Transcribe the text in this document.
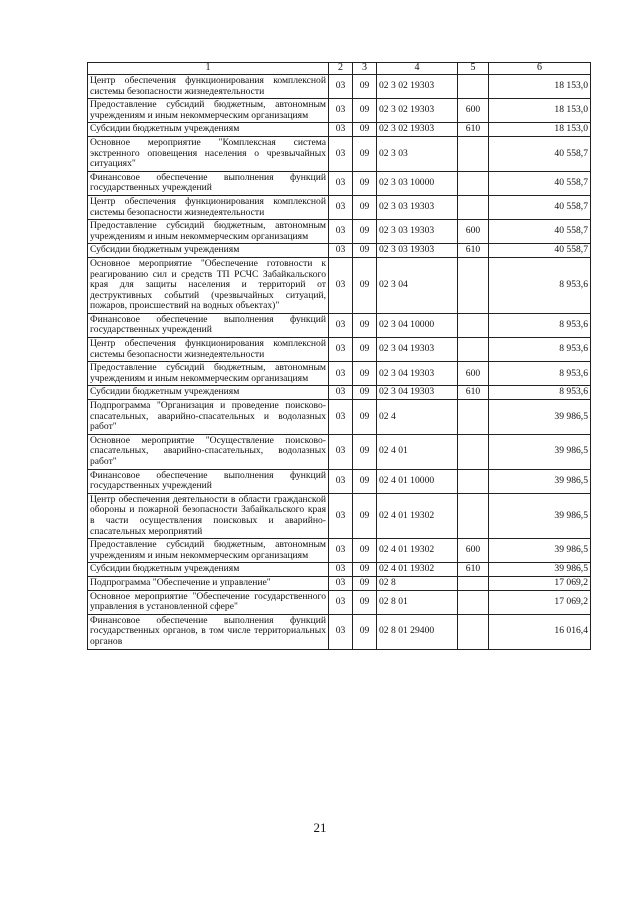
1	2	3	4	5	6
Центр обеспечения функционирования комплексной системы безопасности жизнедеятельности	03	09	02 3 02 19303		18 153,0
Предоставление субсидий бюджетным, автономным учреждениям и иным некоммерческим организациям	03	09	02 3 02 19303	600	18 153,0
Субсидии бюджетным учреждениям	03	09	02 3 02 19303	610	18 153,0
Основное мероприятие "Комплексная система экстренного оповещения населения о чрезвычайных ситуациях"	03	09	02 3 03		40 558,7
Финансовое обеспечение выполнения функций государственных учреждений	03	09	02 3 03 10000		40 558,7
Центр обеспечения функционирования комплексной системы безопасности жизнедеятельности	03	09	02 3 03 19303		40 558,7
Предоставление субсидий бюджетным, автономным учреждениям и иным некоммерческим организациям	03	09	02 3 03 19303	600	40 558,7
Субсидии бюджетным учреждениям	03	09	02 3 03 19303	610	40 558,7
Основное мероприятие "Обеспечение готовности к реагированию сил и средств ТП РСЧС Забайкальского края для защиты населения и территорий от деструктивных событий (чрезвычайных ситуаций, пожаров, происшествий на водных объектах)"	03	09	02 3 04		8 953,6
Финансовое обеспечение выполнения функций государственных учреждений	03	09	02 3 04 10000		8 953,6
Центр обеспечения функционирования комплексной системы безопасности жизнедеятельности	03	09	02 3 04 19303		8 953,6
Предоставление субсидий бюджетным, автономным учреждениям и иным некоммерческим организациям	03	09	02 3 04 19303	600	8 953,6
Субсидии бюджетным учреждениям	03	09	02 3 04 19303	610	8 953,6
Подпрограмма "Организация и проведение поисково-спасательных, аварийно-спасательных и водолазных работ"	03	09	02 4		39 986,5
Основное мероприятие "Осуществление поисково-спасательных, аварийно-спасательных, водолазных работ"	03	09	02 4 01		39 986,5
Финансовое обеспечение выполнения функций государственных учреждений	03	09	02 4 01 10000		39 986,5
Центр обеспечения деятельности в области гражданской обороны и пожарной безопасности Забайкальского края в части осуществления поисковых и аварийно-спасательных мероприятий	03	09	02 4 01 19302		39 986,5
Предоставление субсидий бюджетным, автономным учреждениям и иным некоммерческим организациям	03	09	02 4 01 19302	600	39 986,5
Субсидии бюджетным учреждениям	03	09	02 4 01 19302	610	39 986,5
Подпрограмма "Обеспечение и управление"	03	09	02 8		17 069,2
Основное мероприятие "Обеспечение государственного управления в установленной сфере"	03	09	02 8 01		17 069,2
Финансовое обеспечение выполнения функций государственных органов, в том числе территориальных органов	03	09	02 8 01 29400		16 016,4
21
